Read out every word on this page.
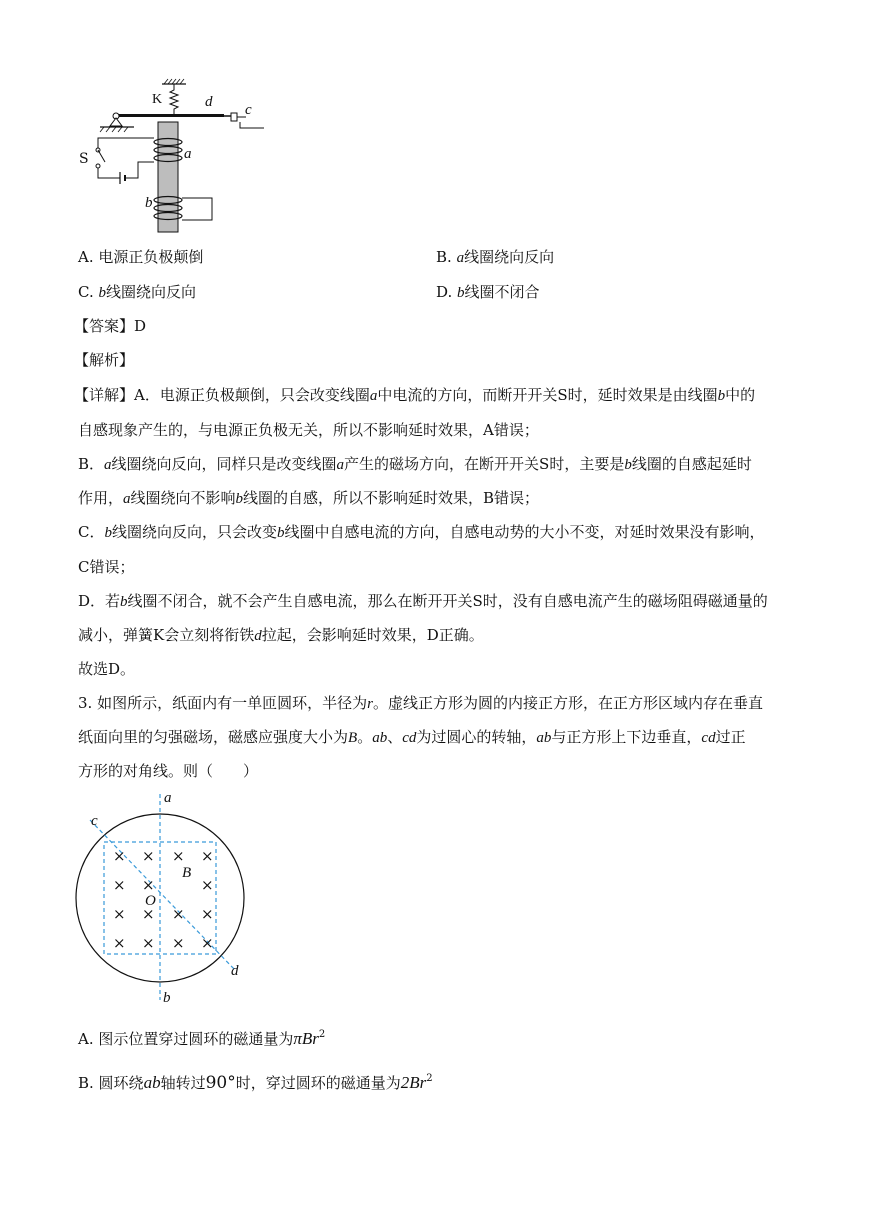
K	d c
S	a
b
A. 电源正负极颠倒	B. a线圈绕向反向
C. b线圈绕向反向	D. b线圈不闭合
【答案】D
【解析】
【详解】A．电源正负极颠倒，只会改变线圈a中电流的方向，而断开开关S时，延时效果是由线圈b中的
自感现象产生的，与电源正负极无关，所以不影响延时效果，A错误；
B．a线圈绕向反向，同样只是改变线圈a产生的磁场方向，在断开开关S时，主要是b线圈的自感起延时
作用，a线圈绕向不影响b线圈的自感，所以不影响延时效果，B错误；
C．b线圈绕向反向，只会改变b线圈中自感电流的方向，自感电动势的大小不变，对延时效果没有影响，
C错误；
D．若b线圈不闭合，就不会产生自感电流，那么在断开开关S时，没有自感电流产生的磁场阻碍磁通量的
减小，弹簧K会立刻将衔铁d拉起，会影响延时效果，D正确。
故选D。
3. 如图所示，纸面内有一单匝圆环，半径为r。虚线正方形为圆的内接正方形，在正方形区域内存在垂直
纸面向里的匀强磁场，磁感应强度大小为B。ab、cd为过圆心的转轴，ab与正方形上下边垂直，cd过正
方形的对角线。则（　　）
a
c
B
O
d
b
A. 图示位置穿过圆环的磁通量为πBr$^2$
B. 圆环绕ab轴转过90°时，穿过圆环的磁通量为$2Br^2$
× × × ×
× ×	×
× × × ×
× × × ×
